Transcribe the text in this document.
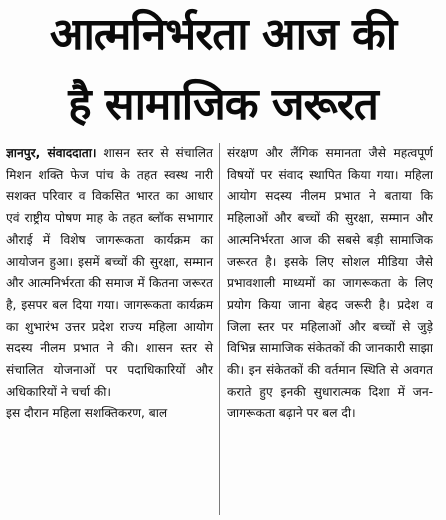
आत्मनिर्भरता आज की
है सामाजिक जरूरत

ज्ञानपुर, संवाददाता। शासन स्तर से संचालित मिशन शक्ति फेज पांच के तहत स्वस्थ नारी सशक्त परिवार व विकसित भारत का आधार एवं राष्ट्रीय पोषण माह के तहत ब्लॉक सभागार औराई में विशेष जागरूकता कार्यक्रम का आयोजन हुआ। इसमें बच्चों की सुरक्षा, सम्मान और आत्मनिर्भरता की समाज में कितना जरूरत है, इसपर बल दिया गया। जागरूकता कार्यक्रम का शुभारंभ उत्तर प्रदेश राज्य महिला आयोग सदस्य नीलम प्रभात ने की। शासन स्तर से संचालित योजनाओं पर पदाधिकारियों और अधिकारियों ने चर्चा की।

इस दौरान महिला सशक्तिकरण, बाल

संरक्षण और लैंगिक समानता जैसे महत्वपूर्ण विषयों पर संवाद स्थापित किया गया। महिला आयोग सदस्य नीलम प्रभात ने बताया कि महिलाओं और बच्चों की सुरक्षा, सम्मान और आत्मनिर्भरता आज की सबसे बड़ी सामाजिक जरूरत है। इसके लिए सोशल मीडिया जैसे प्रभावशाली माध्यमों का जागरूकता के लिए प्रयोग किया जाना बेहद जरूरी है। प्रदेश व जिला स्तर पर महिलाओं और बच्चों से जुड़े विभिन्न सामाजिक संकेतकों की जानकारी साझा की। इन संकेतकों की वर्तमान स्थिति से अवगत कराते हुए इनकी सुधारात्मक दिशा में जन-जागरूकता बढ़ाने पर बल दी।
